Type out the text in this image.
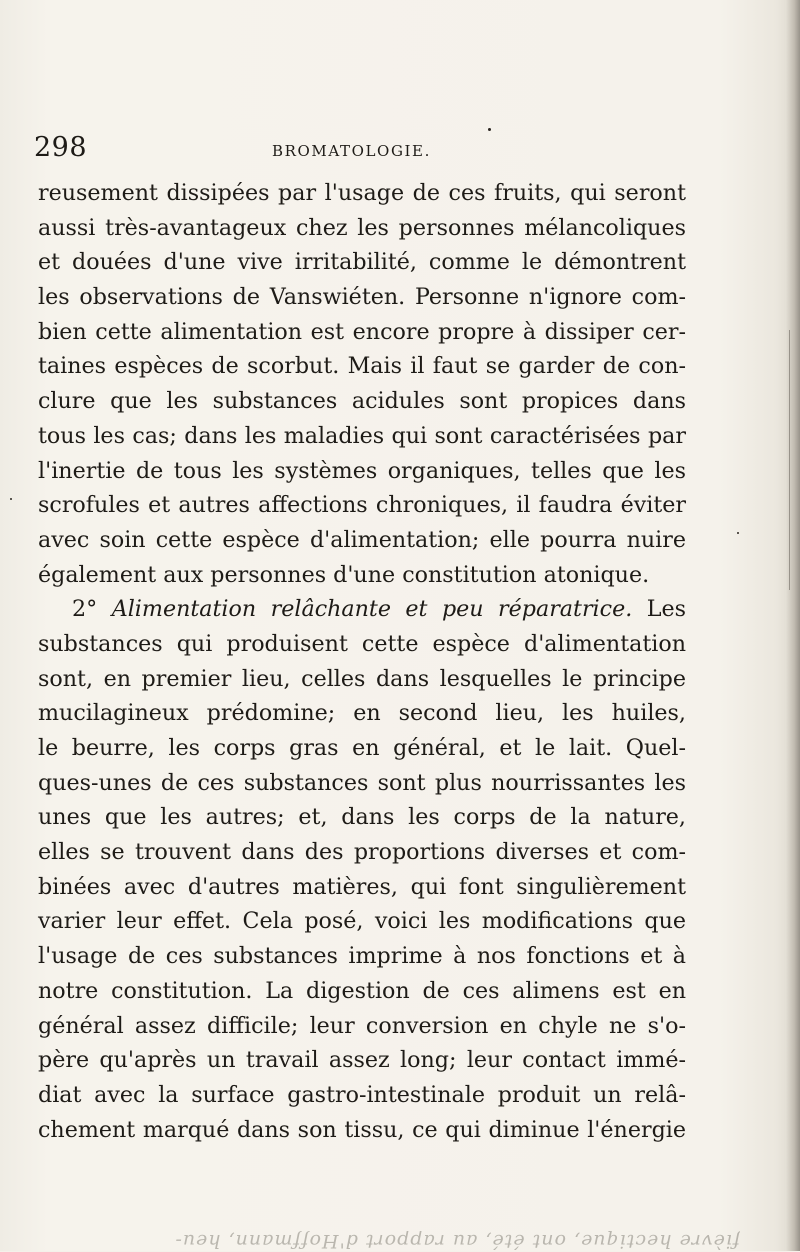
298	BROMATOLOGIE.
reusement dissipées par l'usage de ces fruits, qui seront
aussi très-avantageux chez les personnes mélancoliques
et douées d'une vive irritabilité, comme le démontrent
les observations de Vanswiéten. Personne n'ignore com-
bien cette alimentation est encore propre à dissiper cer-
taines espèces de scorbut. Mais il faut se garder de con-
clure que les substances acidules sont propices dans
tous les cas; dans les maladies qui sont caractérisées par
l'inertie de tous les systèmes organiques, telles que les
scrofules et autres affections chroniques, il faudra éviter
avec soin cette espèce d'alimentation; elle pourra nuire
également aux personnes d'une constitution atonique.
2° Alimentation relâchante et peu réparatrice. Les
substances qui produisent cette espèce d'alimentation
sont, en premier lieu, celles dans lesquelles le principe
mucilagineux prédomine; en second lieu, les huiles,
le beurre, les corps gras en général, et le lait. Quel-
ques-unes de ces substances sont plus nourrissantes les
unes que les autres; et, dans les corps de la nature,
elles se trouvent dans des proportions diverses et com-
binées avec d'autres matières, qui font singulièrement
varier leur effet. Cela posé, voici les modifications que
l'usage de ces substances imprime à nos fonctions et à
notre constitution. La digestion de ces alimens est en
général assez difficile; leur conversion en chyle ne s'o-
père qu'après un travail assez long; leur contact immé-
diat avec la surface gastro-intestinale produit un relâ-
chement marqué dans son tissu, ce qui diminue l'énergie
fièvre hectique, ont été, au rapport d'Hoffmann, heu-
